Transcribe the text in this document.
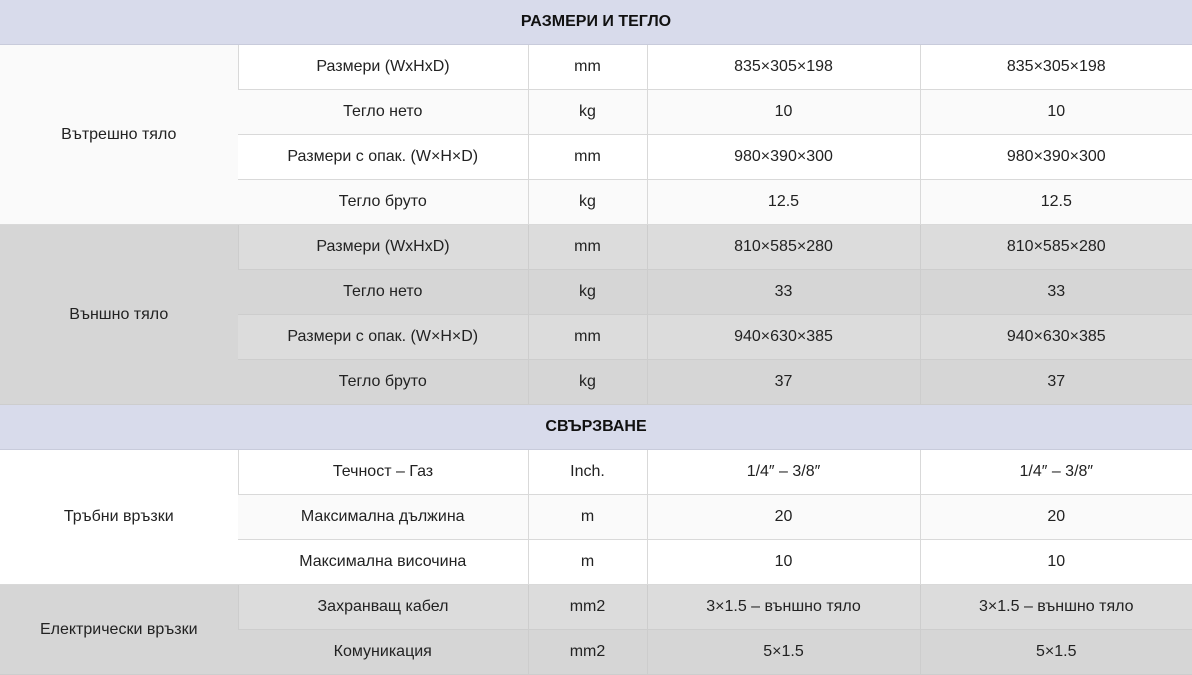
РАЗМЕРИ И ТЕГЛО				
Вътрешно тяло	Размери (WxHxD)	mm	835×305×198	835×305×198
	Тегло нето	kg	10	10
	Размери с опак. (W×H×D)	mm	980×390×300	980×390×300
	Тегло бруто	kg	12.5	12.5
Външно тяло	Размери (WxHxD)	mm	810×585×280	810×585×280
	Тегло нето	kg	33	33
	Размери с опак. (W×H×D)	mm	940×630×385	940×630×385
	Тегло бруто	kg	37	37
СВЪРЗВАНЕ				
Тръбни връзки	Течност – Газ	Inch.	1/4″ – 3/8″	1/4″ – 3/8″
	Максимална дължина	m	20	20
	Максимална височина	m	10	10
Електрически връзки	Захранващ кабел	mm2	3×1.5 – външно тяло	3×1.5 – външно тяло
	Комуникация	mm2	5×1.5	5×1.5
